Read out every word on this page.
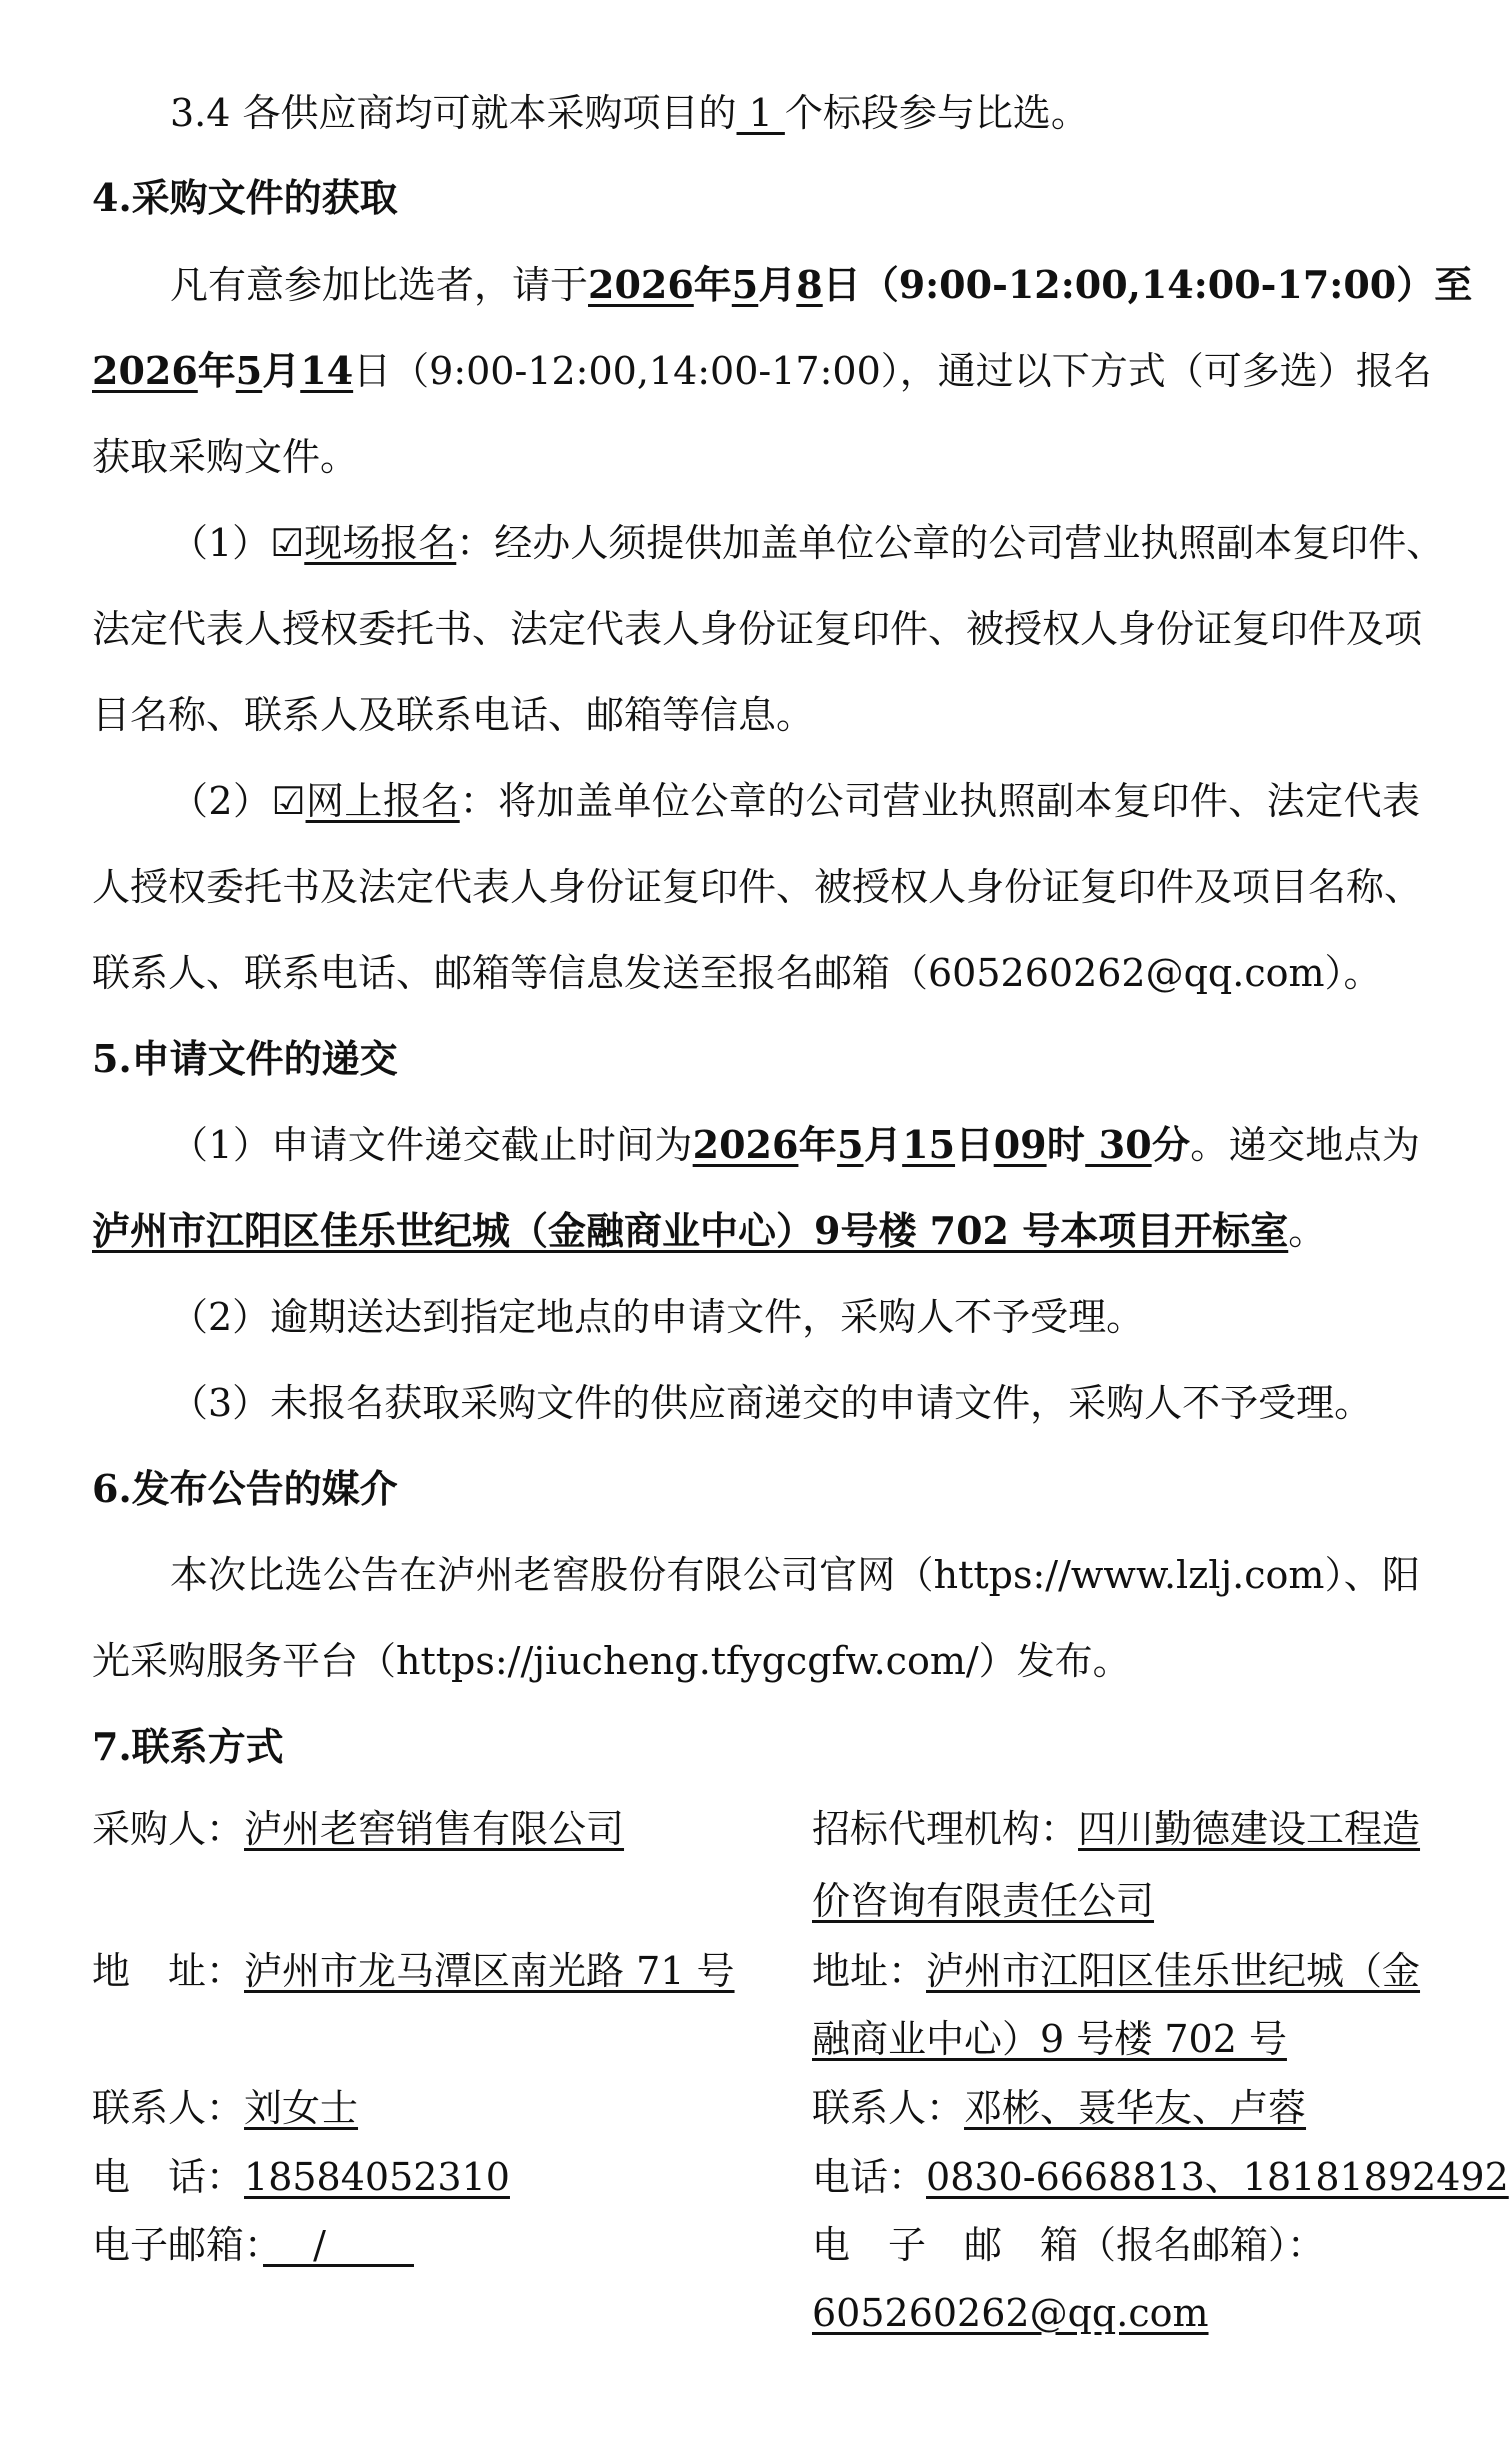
3.4 各供应商均可就本采购项目的 1 个标段参与比选。
4.采购文件的获取
凡有意参加比选者，请于2026年5月8日（9:00-12:00,14:00-17:00）至
2026年5月14日（9:00-12:00,14:00-17:00），通过以下方式（可多选）报名
获取采购文件。
（1）☑现场报名：经办人须提供加盖单位公章的公司营业执照副本复印件、
法定代表人授权委托书、法定代表人身份证复印件、被授权人身份证复印件及项
目名称、联系人及联系电话、邮箱等信息。
（2）☑网上报名：将加盖单位公章的公司营业执照副本复印件、法定代表
人授权委托书及法定代表人身份证复印件、被授权人身份证复印件及项目名称、
联系人、联系电话、邮箱等信息发送至报名邮箱（605260262@qq.com）。
5.申请文件的递交
（1）申请文件递交截止时间为2026年5月15日09时 30分。递交地点为
泸州市江阳区佳乐世纪城（金融商业中心）9号楼 702 号本项目开标室。
（2）逾期送达到指定地点的申请文件，采购人不予受理。
（3）未报名获取采购文件的供应商递交的申请文件，采购人不予受理。
6.发布公告的媒介
本次比选公告在泸州老窖股份有限公司官网（https://www.lzlj.com）、阳
光采购服务平台（https://jiucheng.tfygcgfw.com/）发布。
7.联系方式
采购人：泸州老窖销售有限公司
地　址：泸州市龙马潭区南光路 71 号
联系人：刘女士
电　话：18584052310
电子邮箱：　 /　　
招标代理机构：四川勤德建设工程造
价咨询有限责任公司
地址：泸州市江阳区佳乐世纪城（金
融商业中心）9 号楼 702 号
联系人：邓彬、聂华友、卢蓉
电话：0830-6668813、18181892492
电　子　邮　箱（报名邮箱）：
605260262@qq.com
